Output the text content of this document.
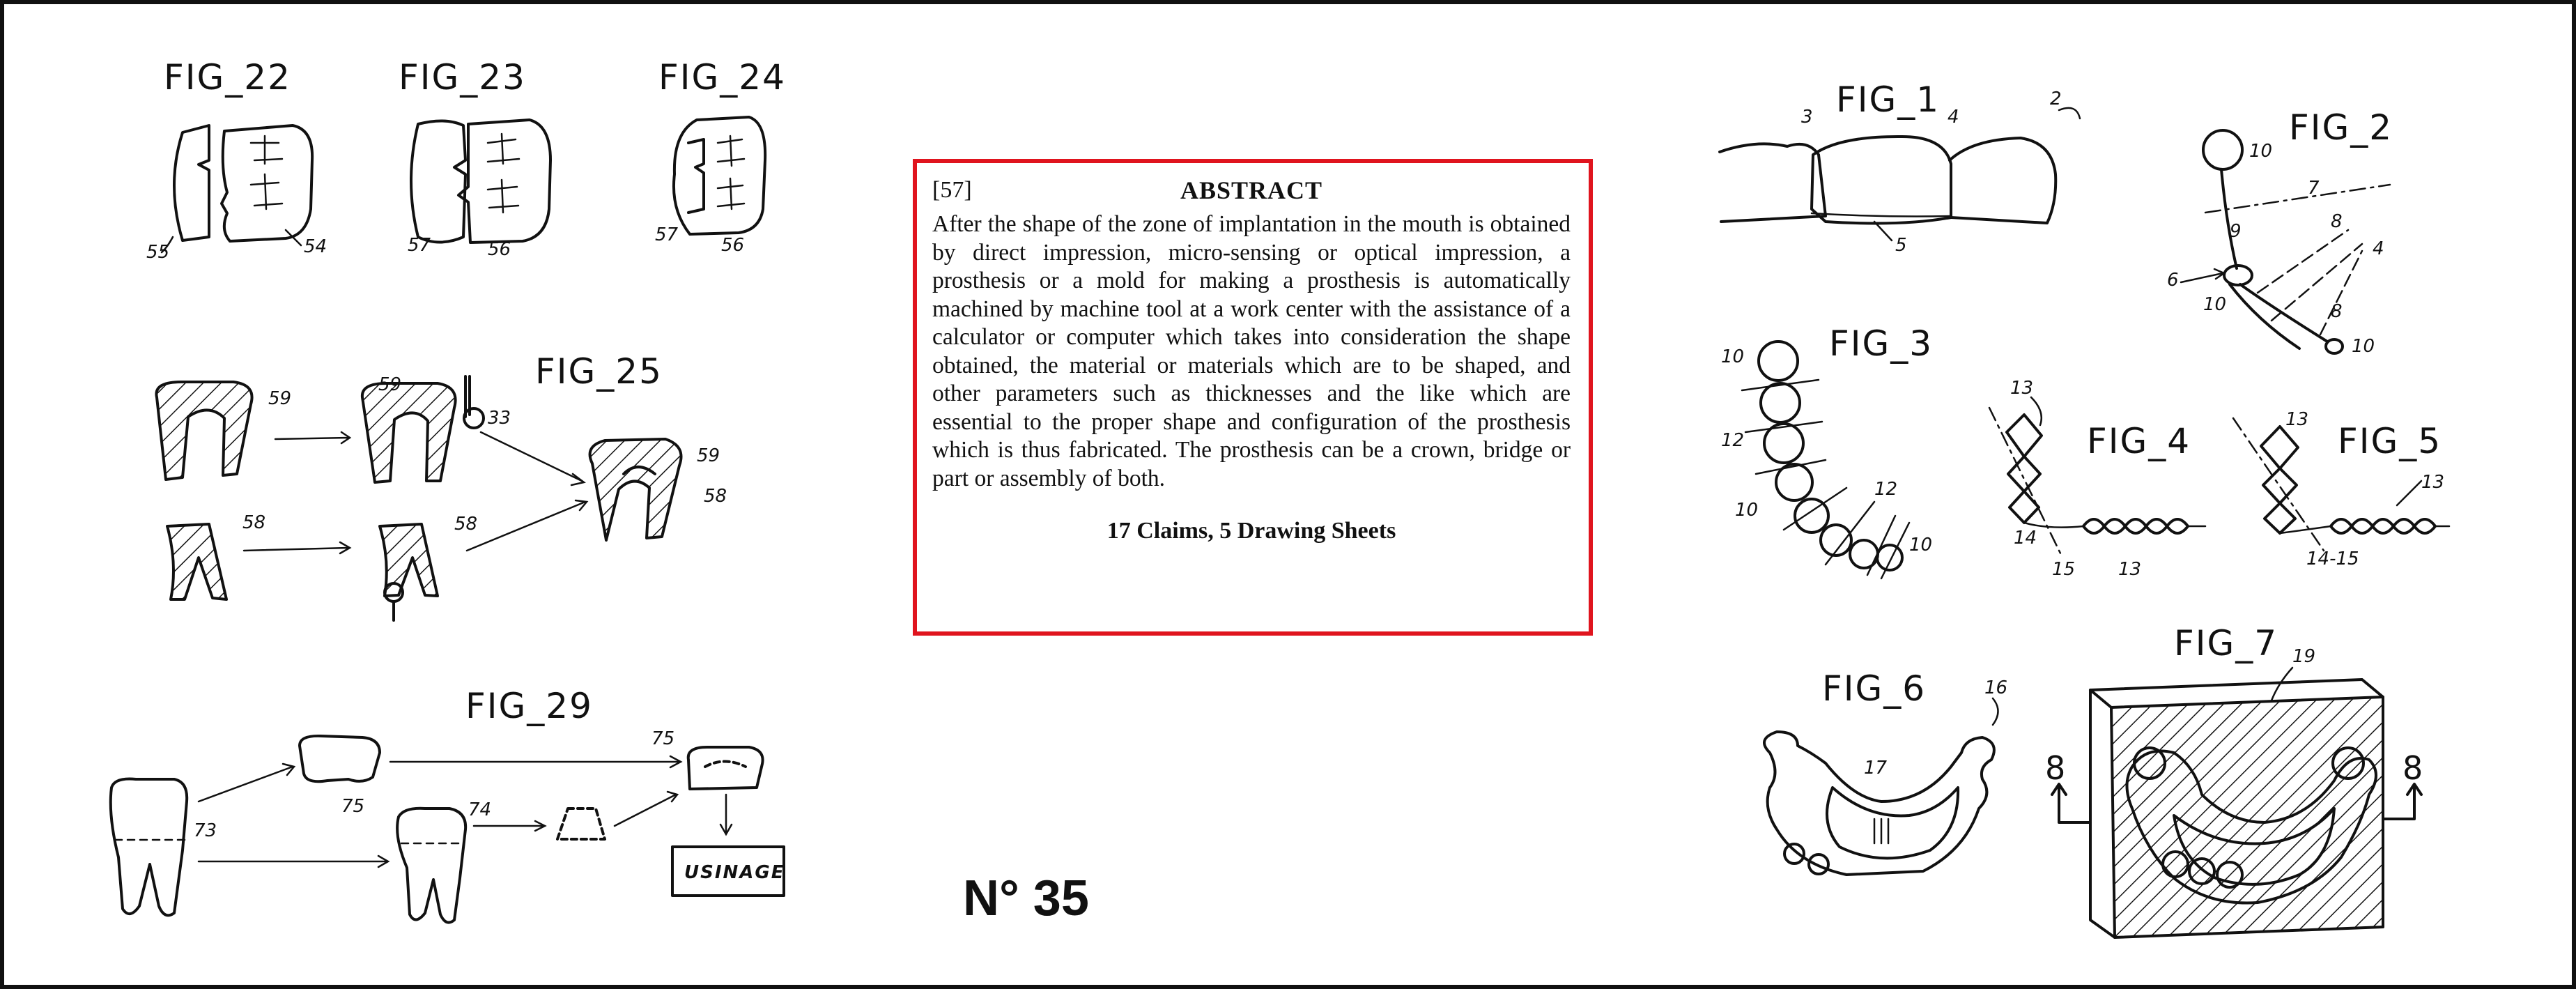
FIG_22
55	54
FIG_23
57	56
FIG_24
57 56
FIG_25
59
59
33
59
58
58	58
FIG_29
73
75	74
75
USINAGE
FIG_1
3	4
2
5
FIG_2
10
7
9
10
8
8
4
6
10
FIG_3
10
12
10
12
10
FIG_4
13
14
15 13
FIG_5
13
13
14-15
FIG_6
17
16
FIG_7 19
8	8
[57]	ABSTRACT
After the shape of the zone of implantation in the mouth is obtained by direct impression, micro-sensing or optical impression, a prosthesis or a mold for making a prosthesis is automatically machined by machine tool at a work center with the assistance of a calculator or computer which takes into consideration the shape obtained, the material or materials which are to be shaped, and other parameters such as thicknesses and the like which are essential to the proper shape and configuration of the prosthesis which is thus fabricated. The prosthesis can be a crown, bridge or part or assembly of both.
17 Claims, 5 Drawing Sheets
N° 35
